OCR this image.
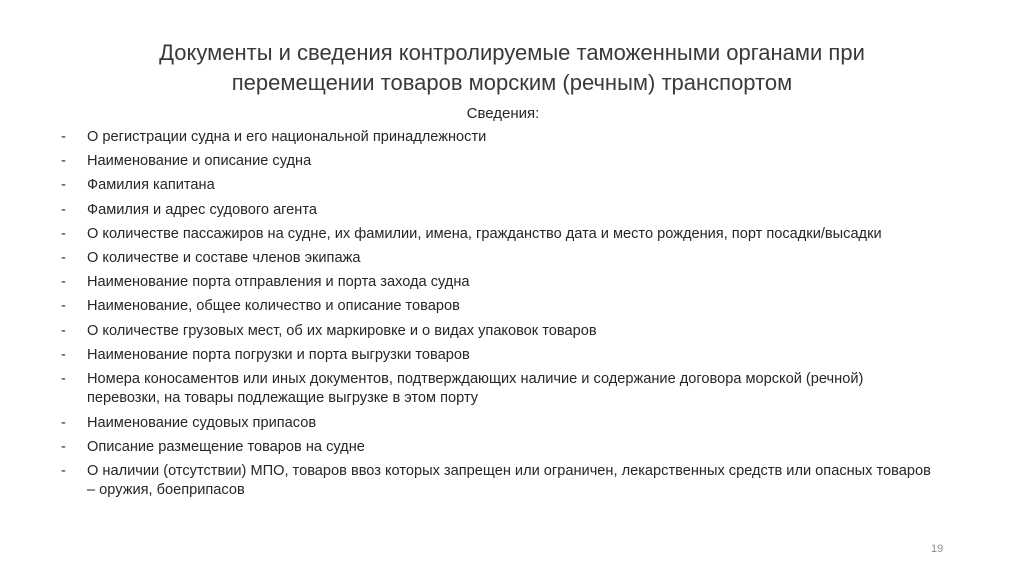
Документы и сведения контролируемые таможенными органами при
перемещении товаров морским (речным) транспортом
Сведения:
- О регистрации судна и его национальной принадлежности
- Наименование и описание судна
- Фамилия капитана
- Фамилия и адрес судового агента
- О количестве пассажиров на судне, их фамилии, имена, гражданство дата и место рождения, порт посадки/высадки
- О количестве и составе членов экипажа
- Наименование порта отправления и порта захода судна
- Наименование, общее количество и описание товаров
- О количестве грузовых мест, об их маркировке и о видах упаковок товаров
- Наименование порта погрузки и порта выгрузки товаров
- Номера коносаментов или иных документов, подтверждающих наличие и содержание договора морской (речной) перевозки, на товары подлежащие выгрузке в этом порту
- Наименование судовых припасов
- Описание размещение товаров на судне
- О наличии (отсутствии) МПО, товаров ввоз которых запрещен или ограничен, лекарственных средств или опасных товаров – оружия, боеприпасов
19
